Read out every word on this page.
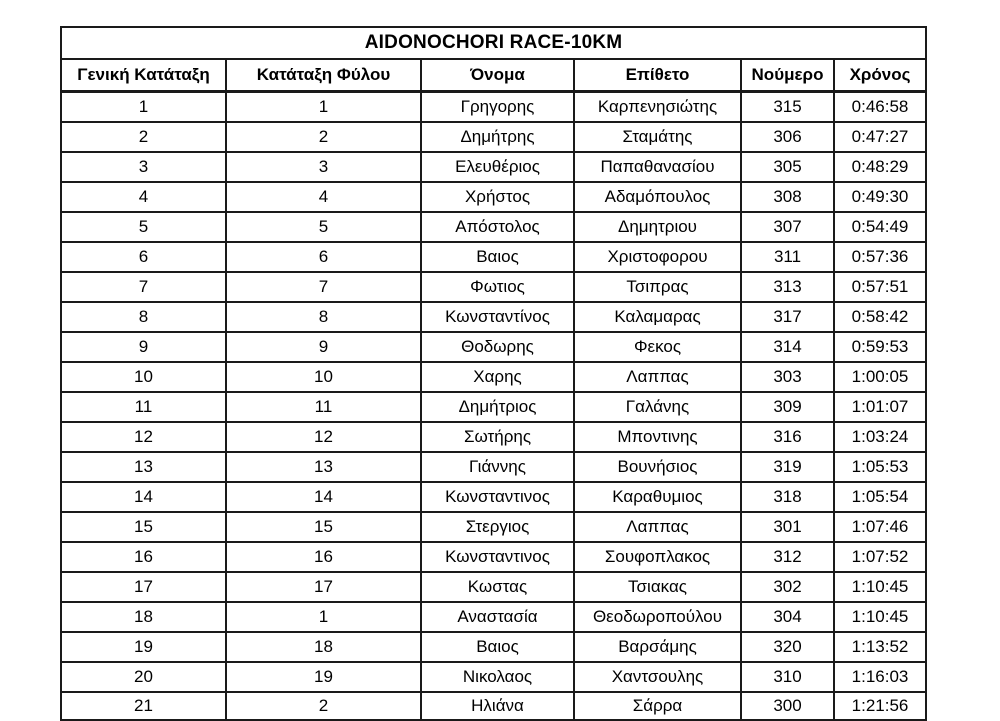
AIDONOCHORI RACE-10KM					
Γενική Κατάταξη	Κατάταξη Φύλου	Όνομα	Επίθετο	Νούμερο	Χρόνος
1	1	Γρηγορης	Καρπενησιώτης	315	0:46:58
2	2	Δημήτρης	Σταμάτης	306	0:47:27
3	3	Ελευθέριος	Παπαθανασίου	305	0:48:29
4	4	Χρήστος	Αδαμόπουλος	308	0:49:30
5	5	Απόστολος	Δημητριου	307	0:54:49
6	6	Βαιος	Χριστοφορου	311	0:57:36
7	7	Φωτιος	Τσιπρας	313	0:57:51
8	8	Κωνσταντίνος	Καλαμαρας	317	0:58:42
9	9	Θοδωρης	Φεκος	314	0:59:53
10	10	Χαρης	Λαππας	303	1:00:05
11	11	Δημήτριος	Γαλάνης	309	1:01:07
12	12	Σωτήρης	Μποντινης	316	1:03:24
13	13	Γιάννης	Βουνήσιος	319	1:05:53
14	14	Κωνσταντινος	Καραθυμιος	318	1:05:54
15	15	Στεργιος	Λαππας	301	1:07:46
16	16	Κωνσταντινος	Σουφοπλακος	312	1:07:52
17	17	Κωστας	Τσιακας	302	1:10:45
18	1	Αναστασία	Θεοδωροπούλου	304	1:10:45
19	18	Βαιος	Βαρσάμης	320	1:13:52
20	19	Νικολαος	Χαντσουλης	310	1:16:03
21	2	Ηλιάνα	Σάρρα	300	1:21:56
